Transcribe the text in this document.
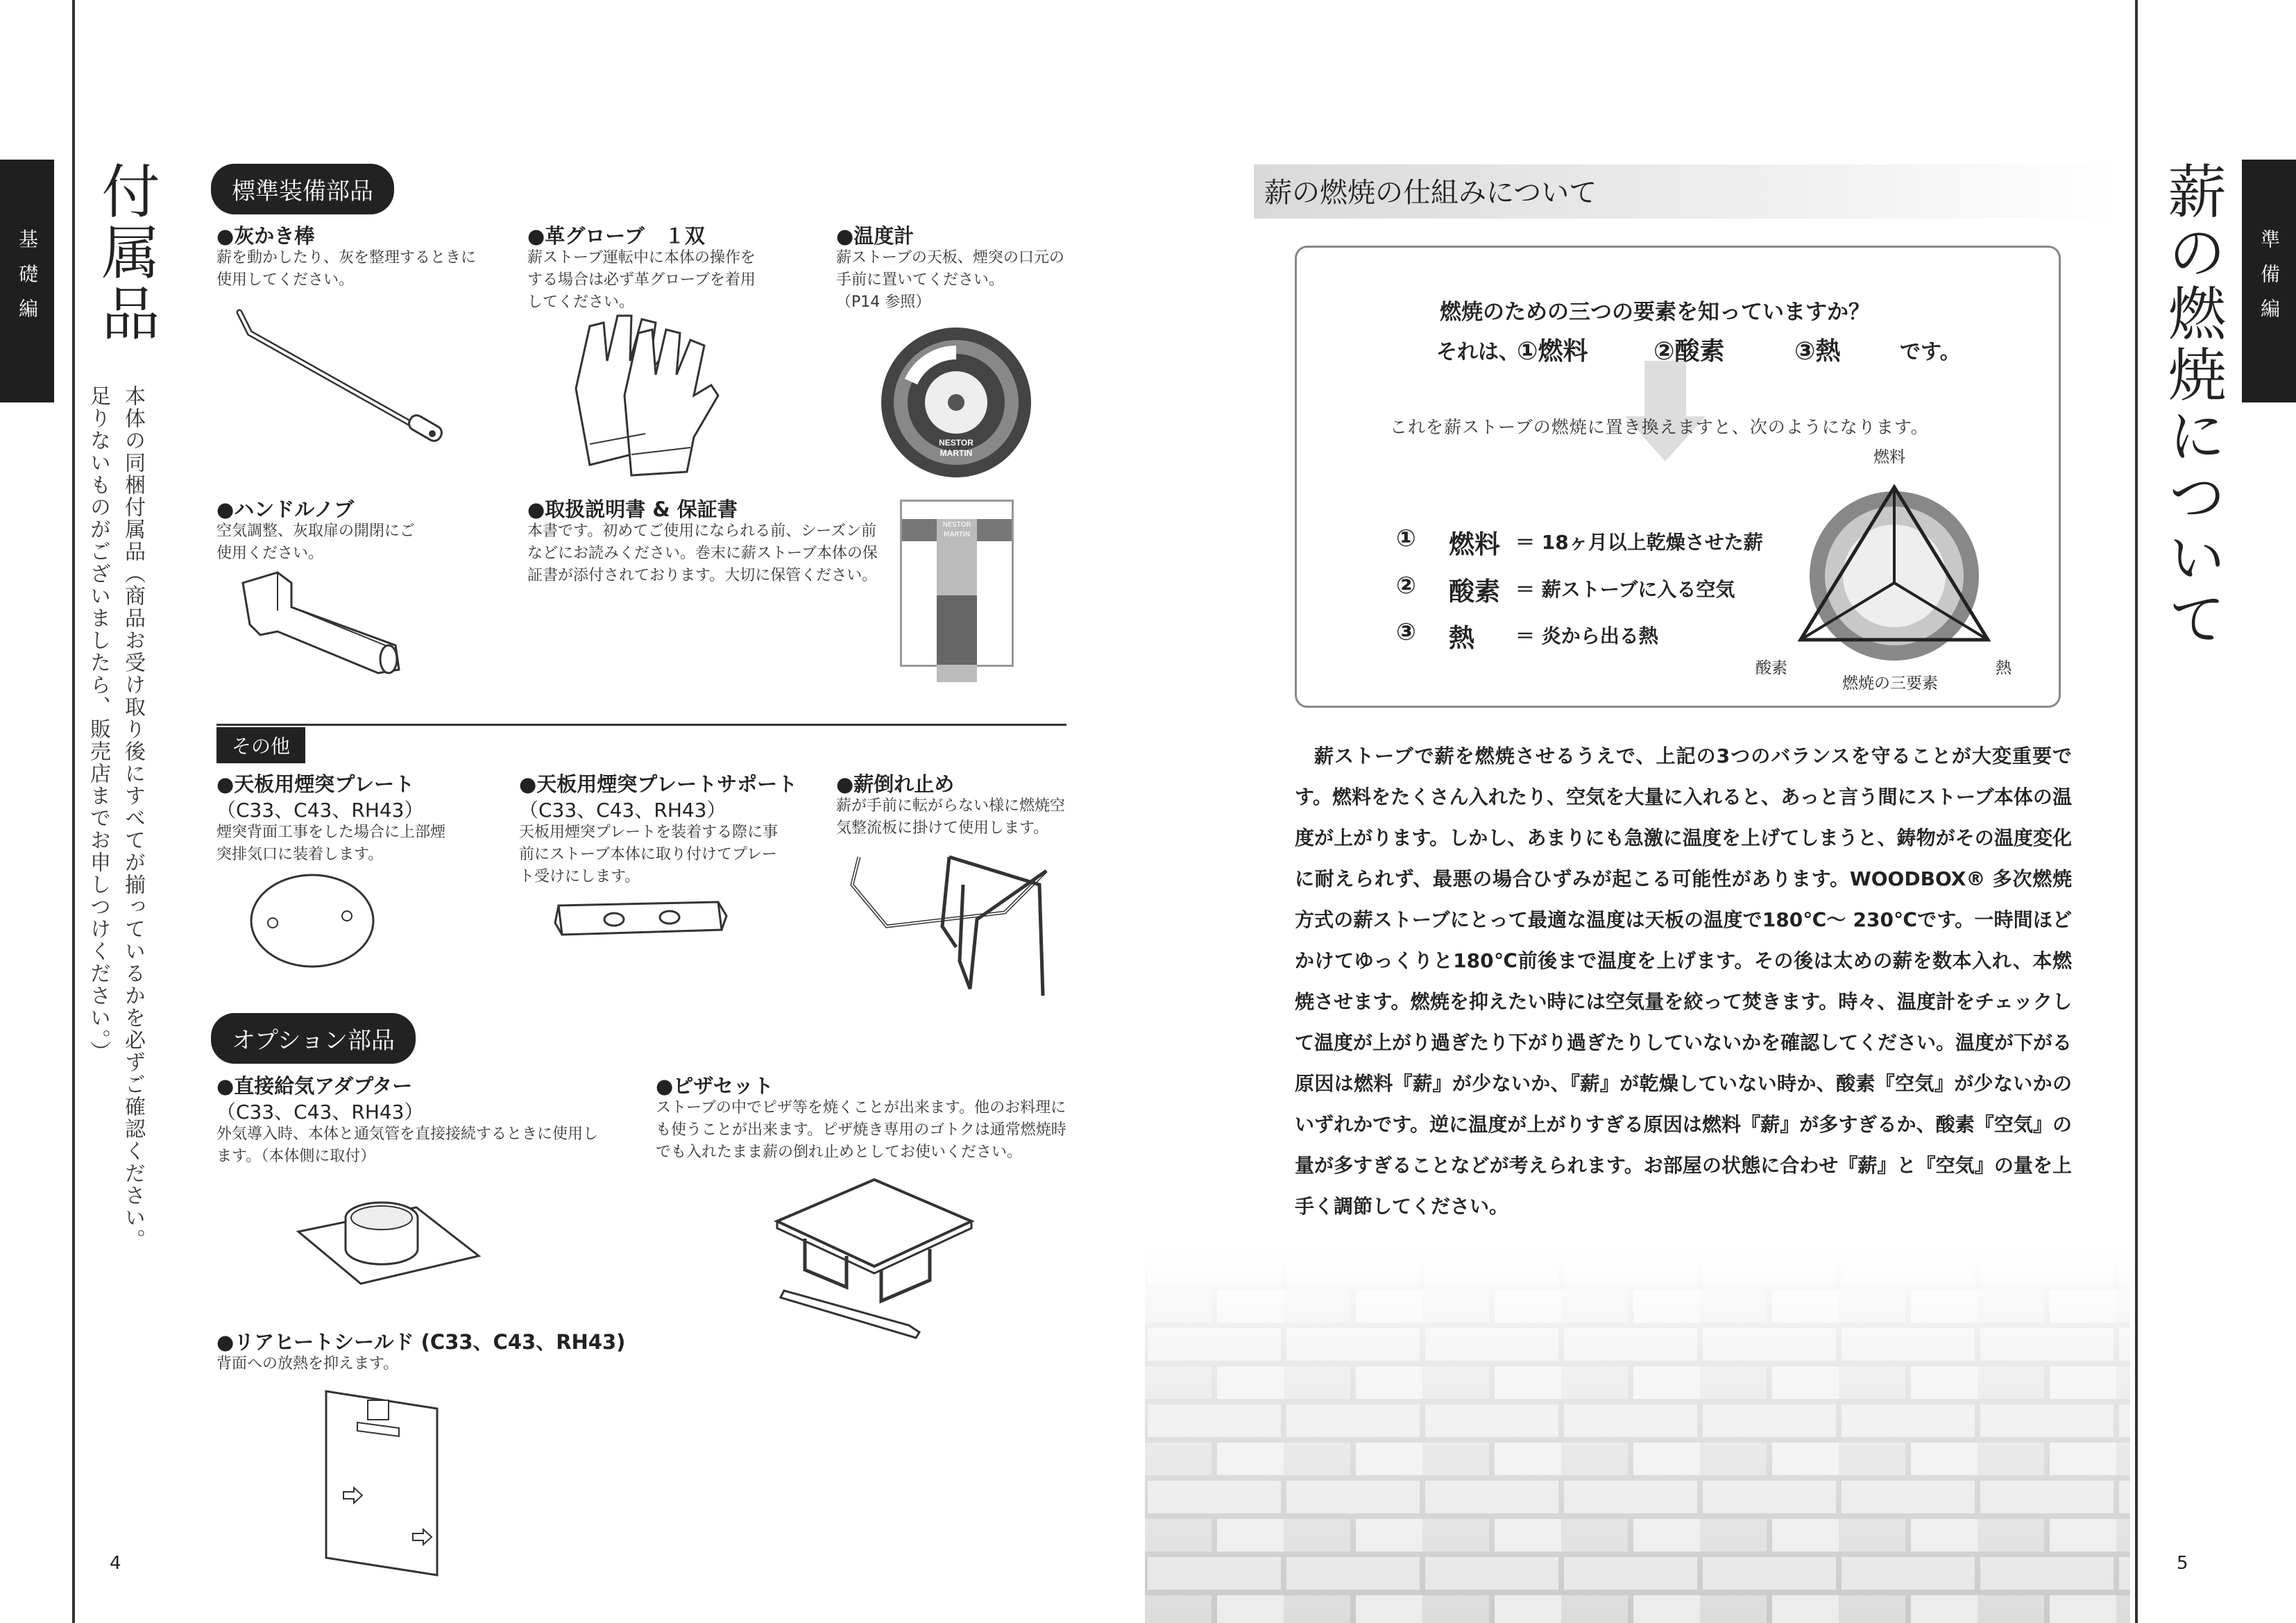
基礎編 付属品
本体の同梱付属品（商品お受け取り後にすべてが揃っているかを必ずご確認ください。
足りないものがございましたら、販売店までお申しつけください。）
標準装備部品
●灰かき棒
薪を動かしたり、灰を整理するときに使用してください。
●革グローブ　１双
薪ストーブ運転中に本体の操作をする場合は必ず革グローブを着用してください。
●温度計
薪ストーブの天板、煙突の口元の手前に置いてください。
（P14 参照）
NESTOR
MARTIN
●ハンドルノブ
空気調整、灰取扉の開閉にご使用ください。
●取扱説明書 & 保証書
本書です。初めてご使用になられる前、シーズン前などにお読みください。巻末に薪ストーブ本体の保証書が添付されております。大切に保管ください。
NESTOR MARTIN
その他
●天板用煙突プレート
（C33、C43、RH43）
煙突背面工事をした場合に上部煙突排気口に装着します。
●天板用煙突プレートサポート
（C33、C43、RH43）
天板用煙突プレートを装着する際に事前にストーブ本体に取り付けてプレート受けにします。
●薪倒れ止め
薪が手前に転がらない様に燃焼空気整流板に掛けて使用します。
オプション部品
●直接給気アダプター
（C33、C43、RH43）
外気導入時、本体と通気管を直接接続するときに使用します。（本体側に取付）
●ピザセット
ストーブの中でピザ等を焼くことが出来ます。他のお料理にも使うことが出来ます。ピザ焼き専用のゴトクは通常燃焼時でも入れたまま薪の倒れ止めとしてお使いください。
●リアヒートシールド (C33、C43、RH43)
背面への放熱を抑えます。
4
準備編
薪の燃焼について
薪の燃焼の仕組みについて
燃焼のための三つの要素を知っていますか？
それは、
①燃料	②酸素	③熱	です。
これを薪ストーブの燃焼に置き換えますと、次のようになります。
① 燃料 ＝ 18ヶ月以上乾燥させた薪
② 酸素 ＝ 薪ストーブに入る空気
③ 熱 ＝ 炎から出る熱
燃料
酸素	熱
燃焼の三要素
薪ストーブで薪を燃焼させるうえで、上記の3つのバランスを守ることが大変重要です。燃料をたくさん入れたり、空気を大量に入れると、あっと言う間にストーブ本体の温度が上がります。しかし、あまりにも急激に温度を上げてしまうと、鋳物がその温度変化に耐えられず、最悪の場合ひずみが起こる可能性があります。WOODBOX® 多次燃焼方式の薪ストーブにとって最適な温度は天板の温度で180℃～ 230℃です。一時間ほどかけてゆっくりと180℃前後まで温度を上げます。その後は太めの薪を数本入れ、本燃焼させます。燃焼を抑えたい時には空気量を絞って焚きます。時々、温度計をチェックして温度が上がり過ぎたり下がり過ぎたりしていないかを確認してください。温度が下がる原因は燃料『薪』が少ないか、『薪』が乾燥していない時か、酸素『空気』が少ないかのいずれかです。逆に温度が上がりすぎる原因は燃料『薪』が多すぎるか、酸素『空気』の量が多すぎることなどが考えられます。お部屋の状態に合わせ『薪』と『空気』の量を上手く調節してください。
5
